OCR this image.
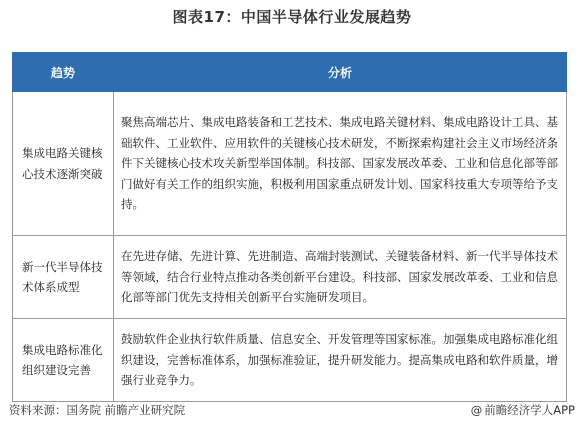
图表17：中国半导体行业发展趋势
趋势	分析
集成电路关键核心技术逐渐突破	聚焦高端芯片、集成电路装备和工艺技术、集成电路关键材料、集成电路设计工具、基础软件、工业软件、应用软件的关键核心技术研发，不断探索构建社会主义市场经济条件下关键核心技术攻关新型举国体制。科技部、国家发展改革委、工业和信息化部等部门做好有关工作的组织实施，积极利用国家重点研发计划、国家科技重大专项等给予支持。
新一代半导体技术体系成型	在先进存储、先进计算、先进制造、高端封装测试、关键装备材料、新一代半导体技术等领域，结合行业特点推动各类创新平台建设。科技部、国家发展改革委、工业和信息化部等部门优先支持相关创新平台实施研发项目。
集成电路标准化组织建设完善	鼓励软件企业执行软件质量、信息安全、开发管理等国家标准。加强集成电路标准化组织建设，完善标准体系，加强标准验证，提升研发能力。提高集成电路和软件质量，增强行业竞争力。
资料来源：国务院 前瞻产业研究院	@ 前瞻经济学人APP
